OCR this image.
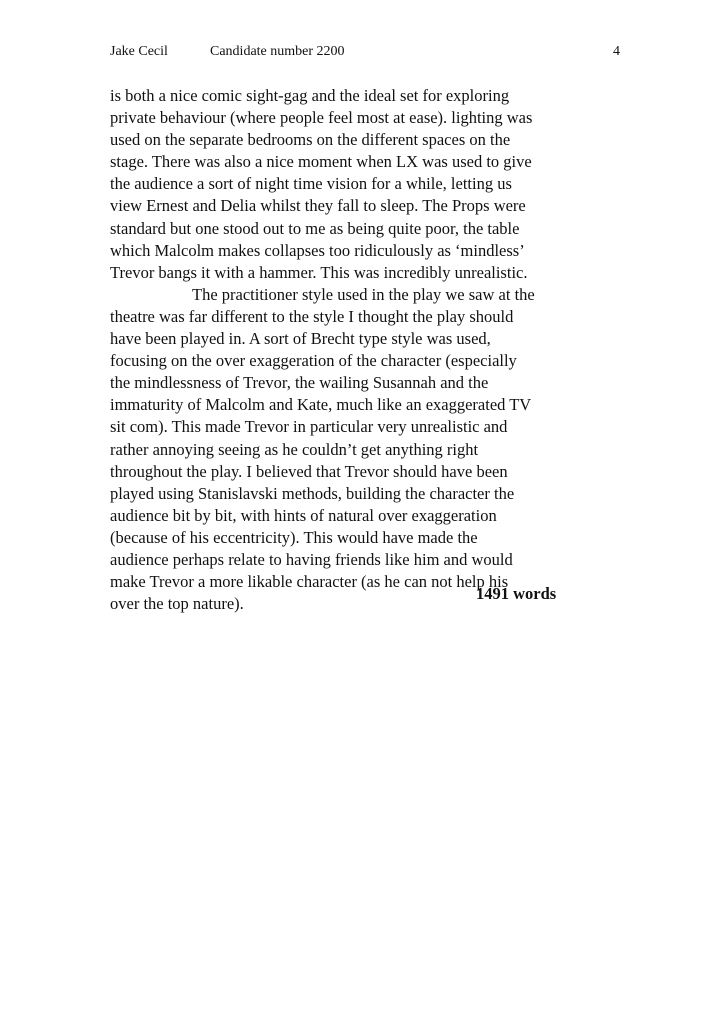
Jake Cecil	Candidate number 2200	4
is both a nice comic sight-gag and the ideal set for exploring
private behaviour (where people feel most at ease). lighting was
used on the separate bedrooms on the different spaces on the
stage. There was also a nice moment when LX was used to give
the audience a sort of night time vision for a while, letting us
view Ernest and Delia whilst they fall to sleep. The Props were
standard but one stood out to me as being quite poor, the table
which Malcolm makes collapses too ridiculously as ‘mindless’
Trevor bangs it with a hammer. This was incredibly unrealistic.
The practitioner style used in the play we saw at the
theatre was far different to the style I thought the play should
have been played in. A sort of Brecht type style was used,
focusing on the over exaggeration of the character (especially
the mindlessness of Trevor, the wailing Susannah and the
immaturity of Malcolm and Kate, much like an exaggerated TV
sit com). This made Trevor in particular very unrealistic and
rather annoying seeing as he couldn’t get anything right
throughout the play. I believed that Trevor should have been
played using Stanislavski methods, building the character the
audience bit by bit, with hints of natural over exaggeration
(because of his eccentricity). This would have made the
audience perhaps relate to having friends like him and would
make Trevor a more likable character (as he can not help his
over the top nature).
1491 words
